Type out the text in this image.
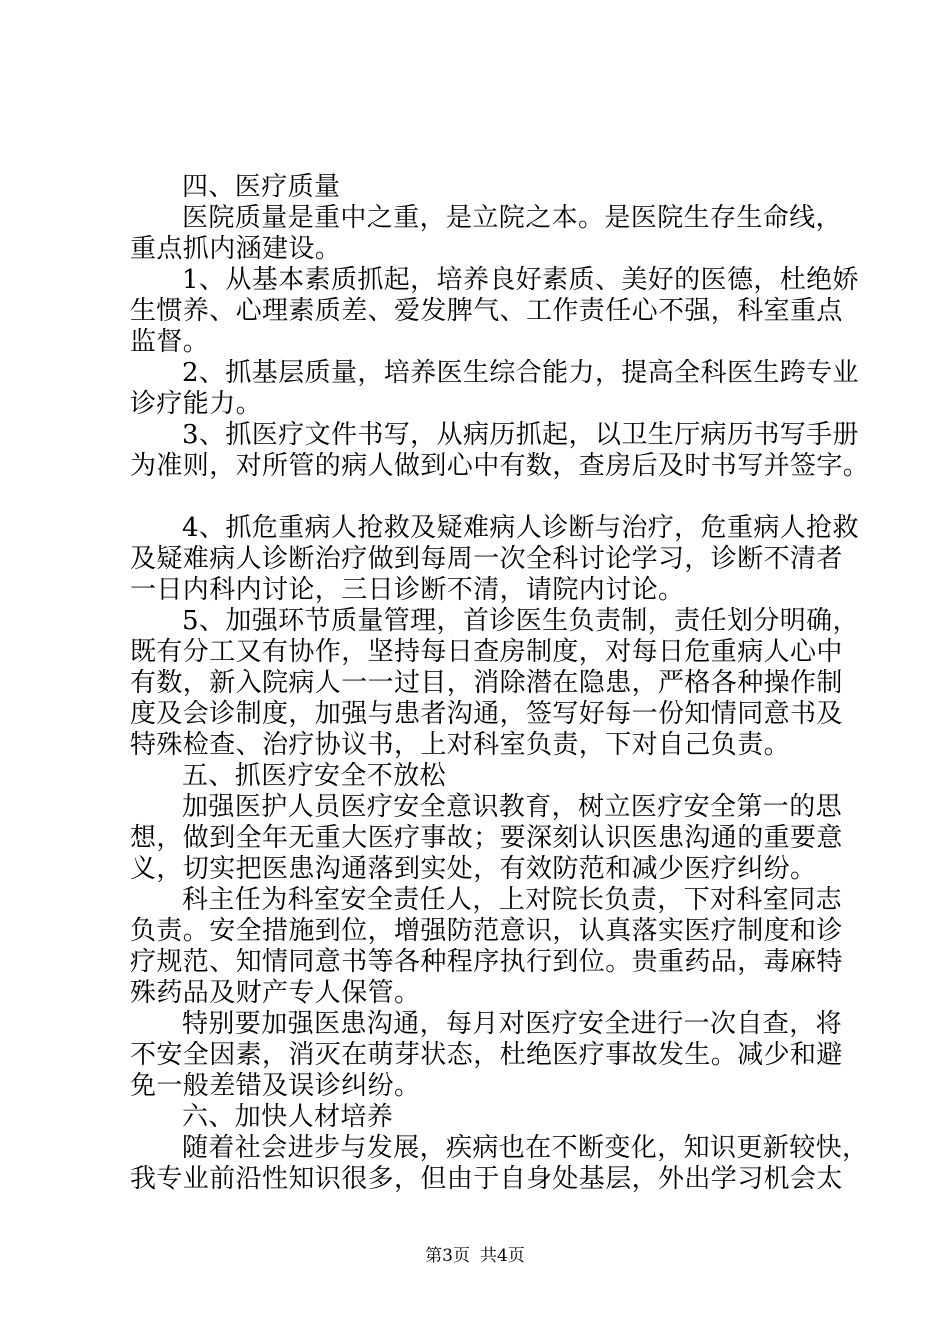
四、医疗质量
医院质量是重中之重，是立院之本。是医院生存生命线，
重点抓内涵建设。
1、从基本素质抓起，培养良好素质、美好的医德，杜绝娇
生惯养、心理素质差、爱发脾气、工作责任心不强，科室重点
监督。
2、抓基层质量，培养医生综合能力，提高全科医生跨专业
诊疗能力。
3、抓医疗文件书写，从病历抓起，以卫生厅病历书写手册
为准则，对所管的病人做到心中有数，查房后及时书写并签字。
4、抓危重病人抢救及疑难病人诊断与治疗，危重病人抢救
及疑难病人诊断治疗做到每周一次全科讨论学习，诊断不清者
一日内科内讨论，三日诊断不清，请院内讨论。
5、加强环节质量管理，首诊医生负责制，责任划分明确，
既有分工又有协作，坚持每日查房制度，对每日危重病人心中
有数，新入院病人一一过目，消除潜在隐患，严格各种操作制
度及会诊制度，加强与患者沟通，签写好每一份知情同意书及
特殊检查、治疗协议书，上对科室负责，下对自己负责。
五、抓医疗安全不放松
加强医护人员医疗安全意识教育，树立医疗安全第一的思
想，做到全年无重大医疗事故；要深刻认识医患沟通的重要意
义，切实把医患沟通落到实处，有效防范和减少医疗纠纷。
科主任为科室安全责任人，上对院长负责，下对科室同志
负责。安全措施到位，增强防范意识，认真落实医疗制度和诊
疗规范、知情同意书等各种程序执行到位。贵重药品，毒麻特
殊药品及财产专人保管。
特别要加强医患沟通，每月对医疗安全进行一次自查，将
不安全因素，消灭在萌芽状态，杜绝医疗事故发生。减少和避
免一般差错及误诊纠纷。
六、加快人材培养
随着社会进步与发展，疾病也在不断变化，知识更新较快，
我专业前沿性知识很多，但由于自身处基层，外出学习机会太
第3页 共4页
